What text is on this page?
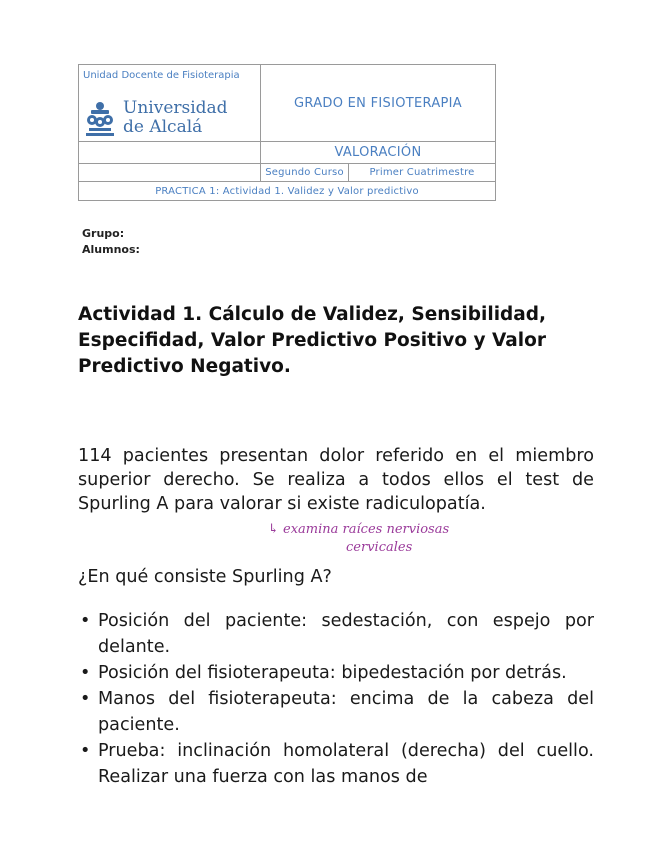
Unidad Docente de Fisioterapia
Universidad
de Alcalá
GRADO EN FISIOTERAPIA
VALORACIÓN
Segundo Curso	Primer Cuatrimestre
PRACTICA 1: Actividad 1. Validez y Valor predictivo
Grupo:
Alumnos:
Actividad 1. Cálculo de Validez, Sensibilidad, Especifidad, Valor Predictivo Positivo y Valor Predictivo Negativo.

114 pacientes presentan dolor referido en el miembro superior derecho. Se realiza a todos ellos el test de Spurling A para valorar si existe radiculopatía.

↳ examina raíces nerviosas
cervicales
¿En qué consiste Spurling A?
• Posición del paciente: sedestación, con espejo por delante.
• Posición del fisioterapeuta: bipedestación por detrás.
• Manos del fisioterapeuta: encima de la cabeza del paciente.
• Prueba: inclinación homolateral (derecha) del cuello. Realizar una fuerza con las manos de
